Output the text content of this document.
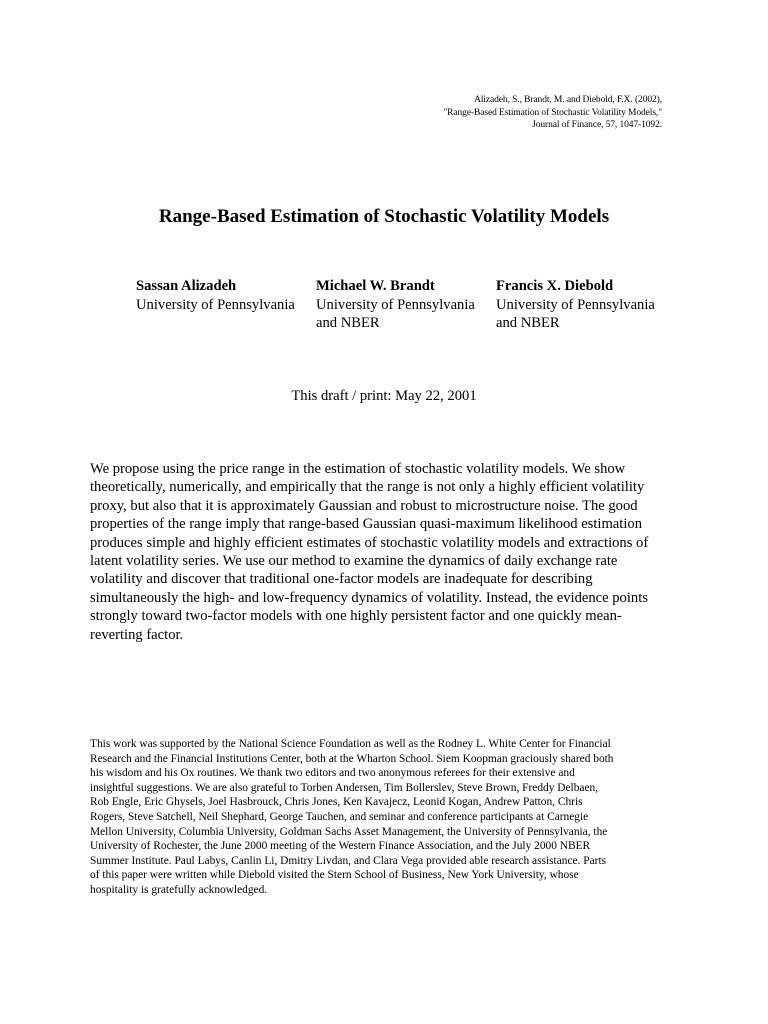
Alizadeh, S., Brandt, M. and Diebold, F.X. (2002),
"Range-Based Estimation of Stochastic Volatility Models,"
Journal of Finance, 57, 1047-1092.
Range-Based Estimation of Stochastic Volatility Models
Sassan Alizadeh
University of Pennsylvania
Michael W. Brandt
University of Pennsylvania
and NBER
Francis X. Diebold
University of Pennsylvania
and NBER
This draft / print: May 22, 2001
We propose using the price range in the estimation of stochastic volatility models. We show
theoretically, numerically, and empirically that the range is not only a highly efficient volatility
proxy, but also that it is approximately Gaussian and robust to microstructure noise. The good
properties of the range imply that range-based Gaussian quasi-maximum likelihood estimation
produces simple and highly efficient estimates of stochastic volatility models and extractions of
latent volatility series. We use our method to examine the dynamics of daily exchange rate
volatility and discover that traditional one-factor models are inadequate for describing
simultaneously the high- and low-frequency dynamics of volatility. Instead, the evidence points
strongly toward two-factor models with one highly persistent factor and one quickly mean-
reverting factor.
This work was supported by the National Science Foundation as well as the Rodney L. White Center for Financial
Research and the Financial Institutions Center, both at the Wharton School. Siem Koopman graciously shared both
his wisdom and his Ox routines. We thank two editors and two anonymous referees for their extensive and
insightful suggestions. We are also grateful to Torben Andersen, Tim Bollerslev, Steve Brown, Freddy Delbaen,
Rob Engle, Eric Ghysels, Joel Hasbrouck, Chris Jones, Ken Kavajecz, Leonid Kogan, Andrew Patton, Chris
Rogers, Steve Satchell, Neil Shephard, George Tauchen, and seminar and conference participants at Carnegie
Mellon University, Columbia University, Goldman Sachs Asset Management, the University of Pennsylvania, the
University of Rochester, the June 2000 meeting of the Western Finance Association, and the July 2000 NBER
Summer Institute. Paul Labys, Canlin Li, Dmitry Livdan, and Clara Vega provided able research assistance. Parts
of this paper were written while Diebold visited the Stern School of Business, New York University, whose
hospitality is gratefully acknowledged.
